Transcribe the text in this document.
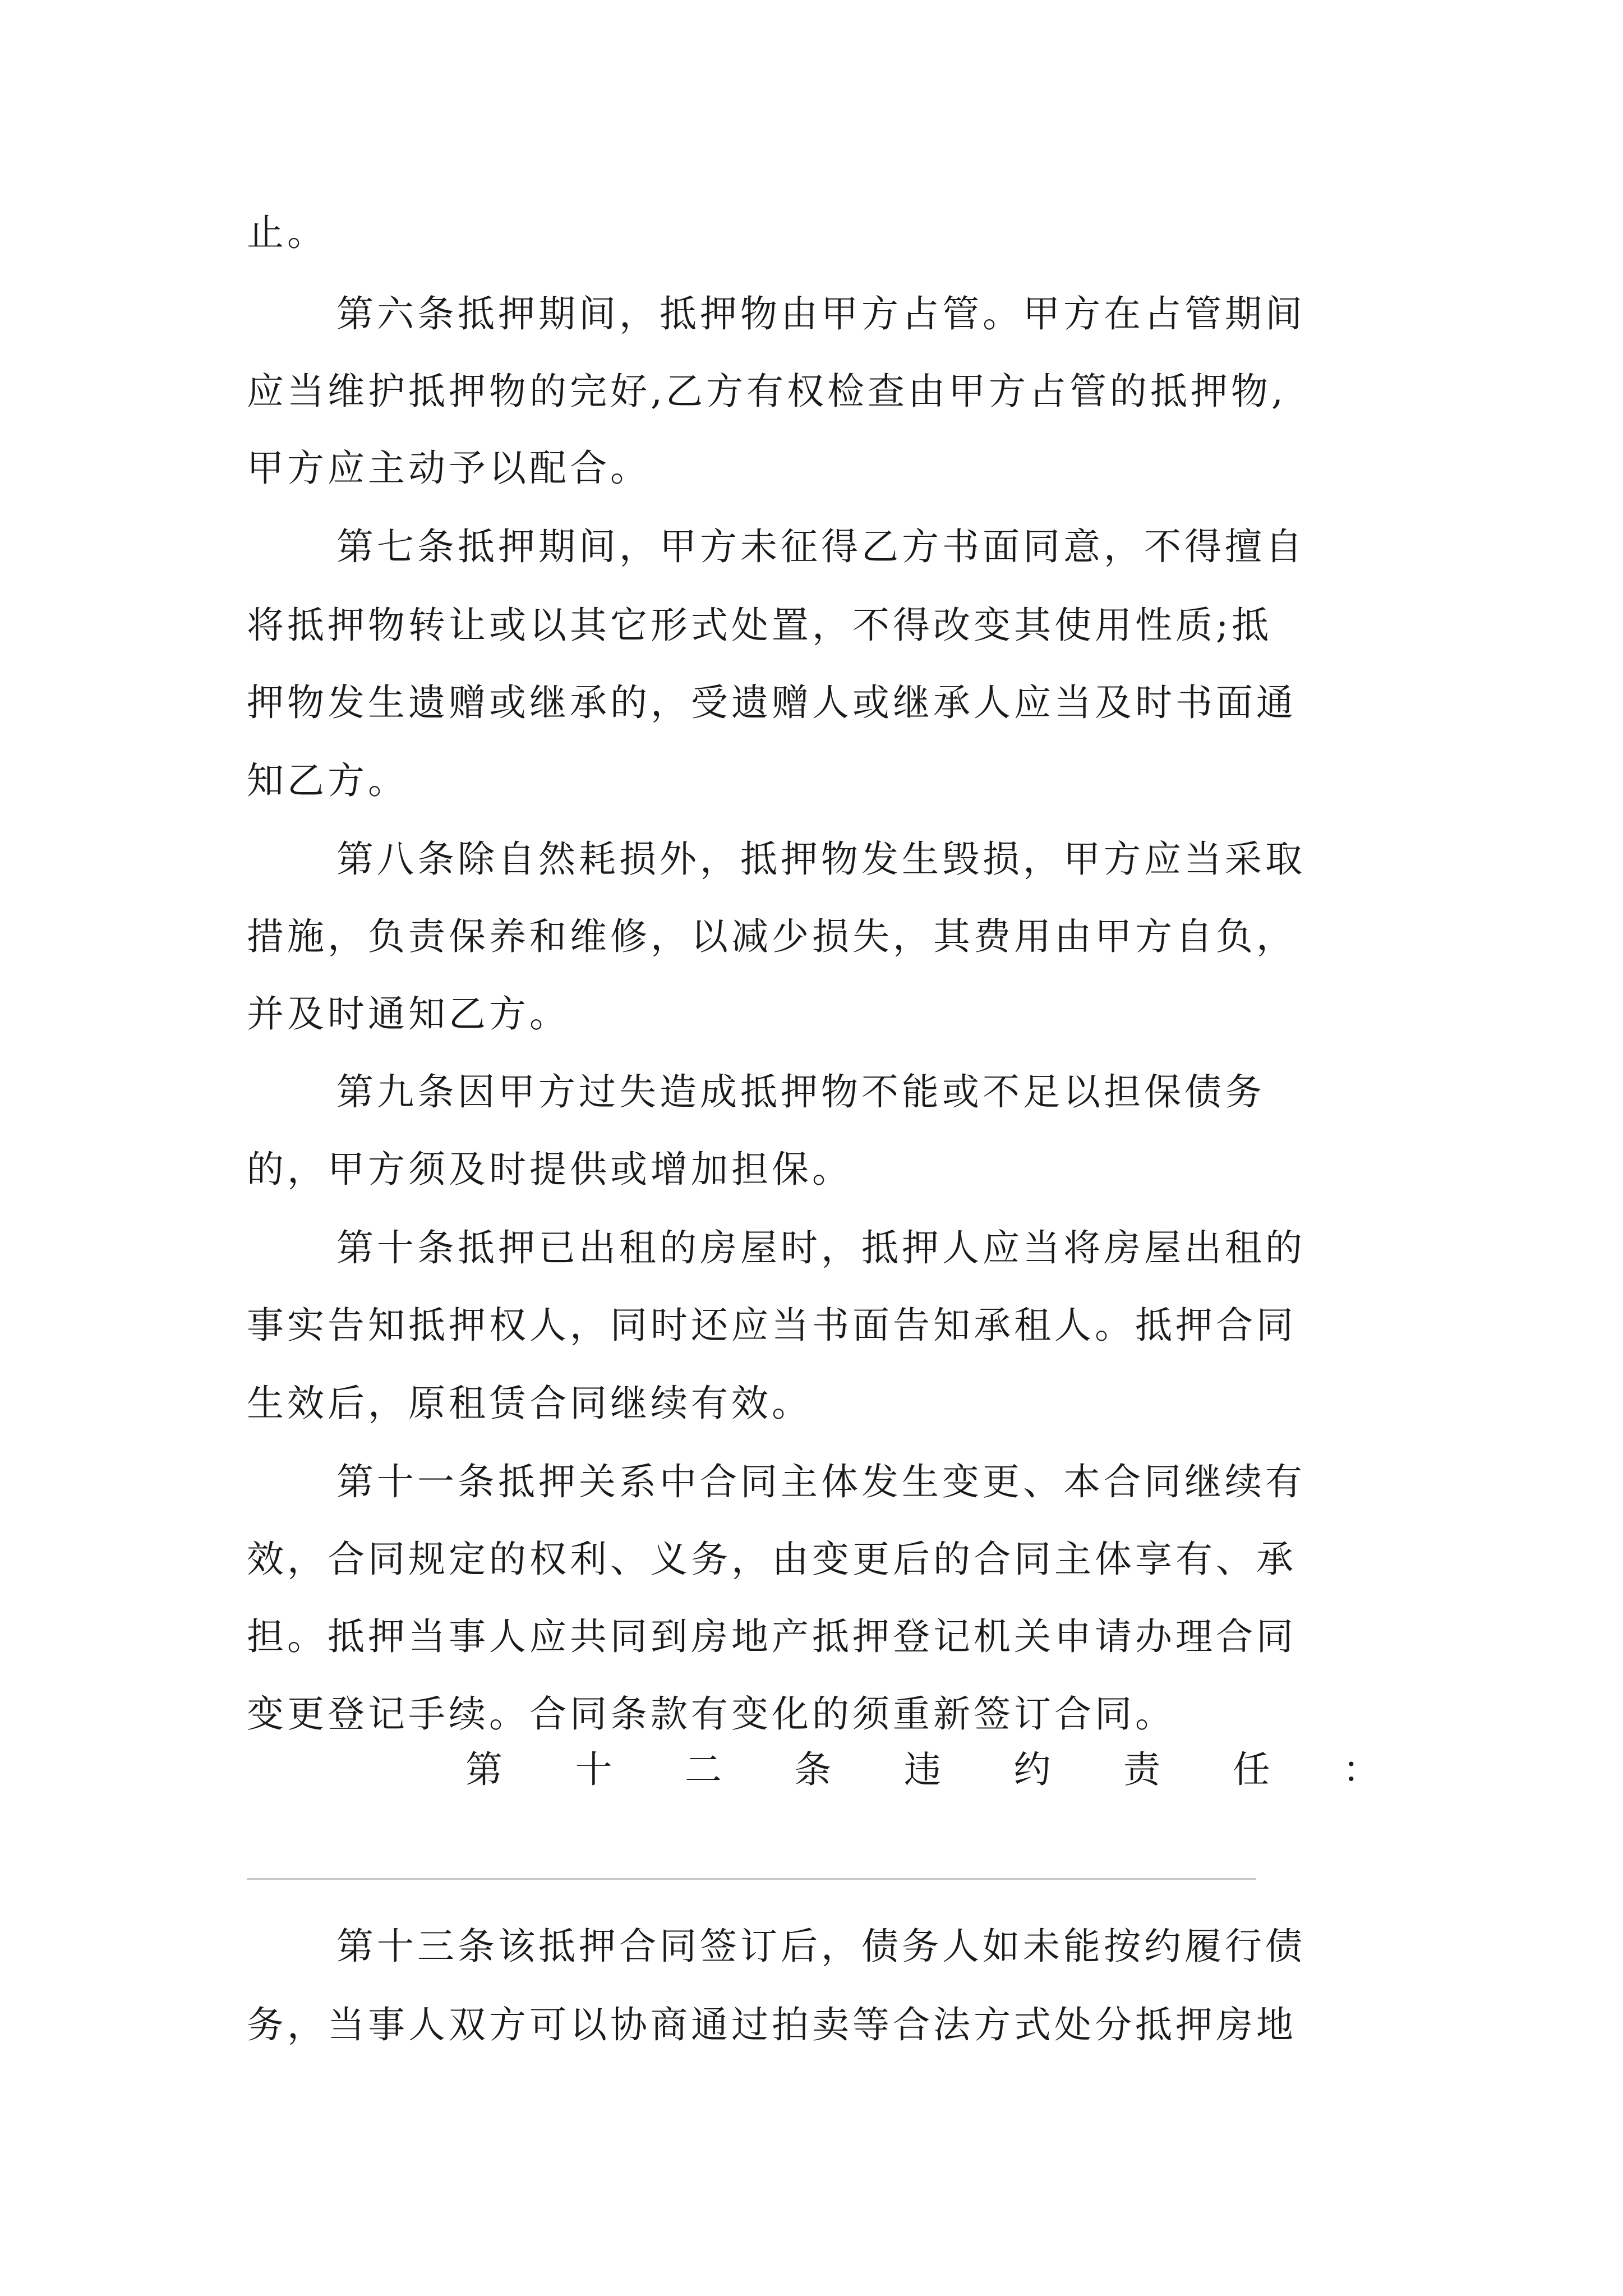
止。
第六条抵押期间，抵押物由甲方占管。甲方在占管期间
应当维护抵押物的完好,乙方有权检查由甲方占管的抵押物,
甲方应主动予以配合。
第七条抵押期间，甲方未征得乙方书面同意，不得擅自
将抵押物转让或以其它形式处置，不得改变其使用性质;抵
押物发生遗赠或继承的，受遗赠人或继承人应当及时书面通
知乙方。
第八条除自然耗损外，抵押物发生毁损，甲方应当采取
措施，负责保养和维修，以减少损失，其费用由甲方自负，
并及时通知乙方。
第九条因甲方过失造成抵押物不能或不足以担保债务
的，甲方须及时提供或增加担保。
第十条抵押已出租的房屋时，抵押人应当将房屋出租的
事实告知抵押权人，同时还应当书面告知承租人。抵押合同
生效后，原租赁合同继续有效。
第十一条抵押关系中合同主体发生变更、本合同继续有
效，合同规定的权利、义务，由变更后的合同主体享有、承
担。抵押当事人应共同到房地产抵押登记机关申请办理合同
变更登记手续。合同条款有变化的须重新签订合同。
第 十 二 条 违 约 责 任 ：
第十三条该抵押合同签订后，债务人如未能按约履行债
务，当事人双方可以协商通过拍卖等合法方式处分抵押房地
